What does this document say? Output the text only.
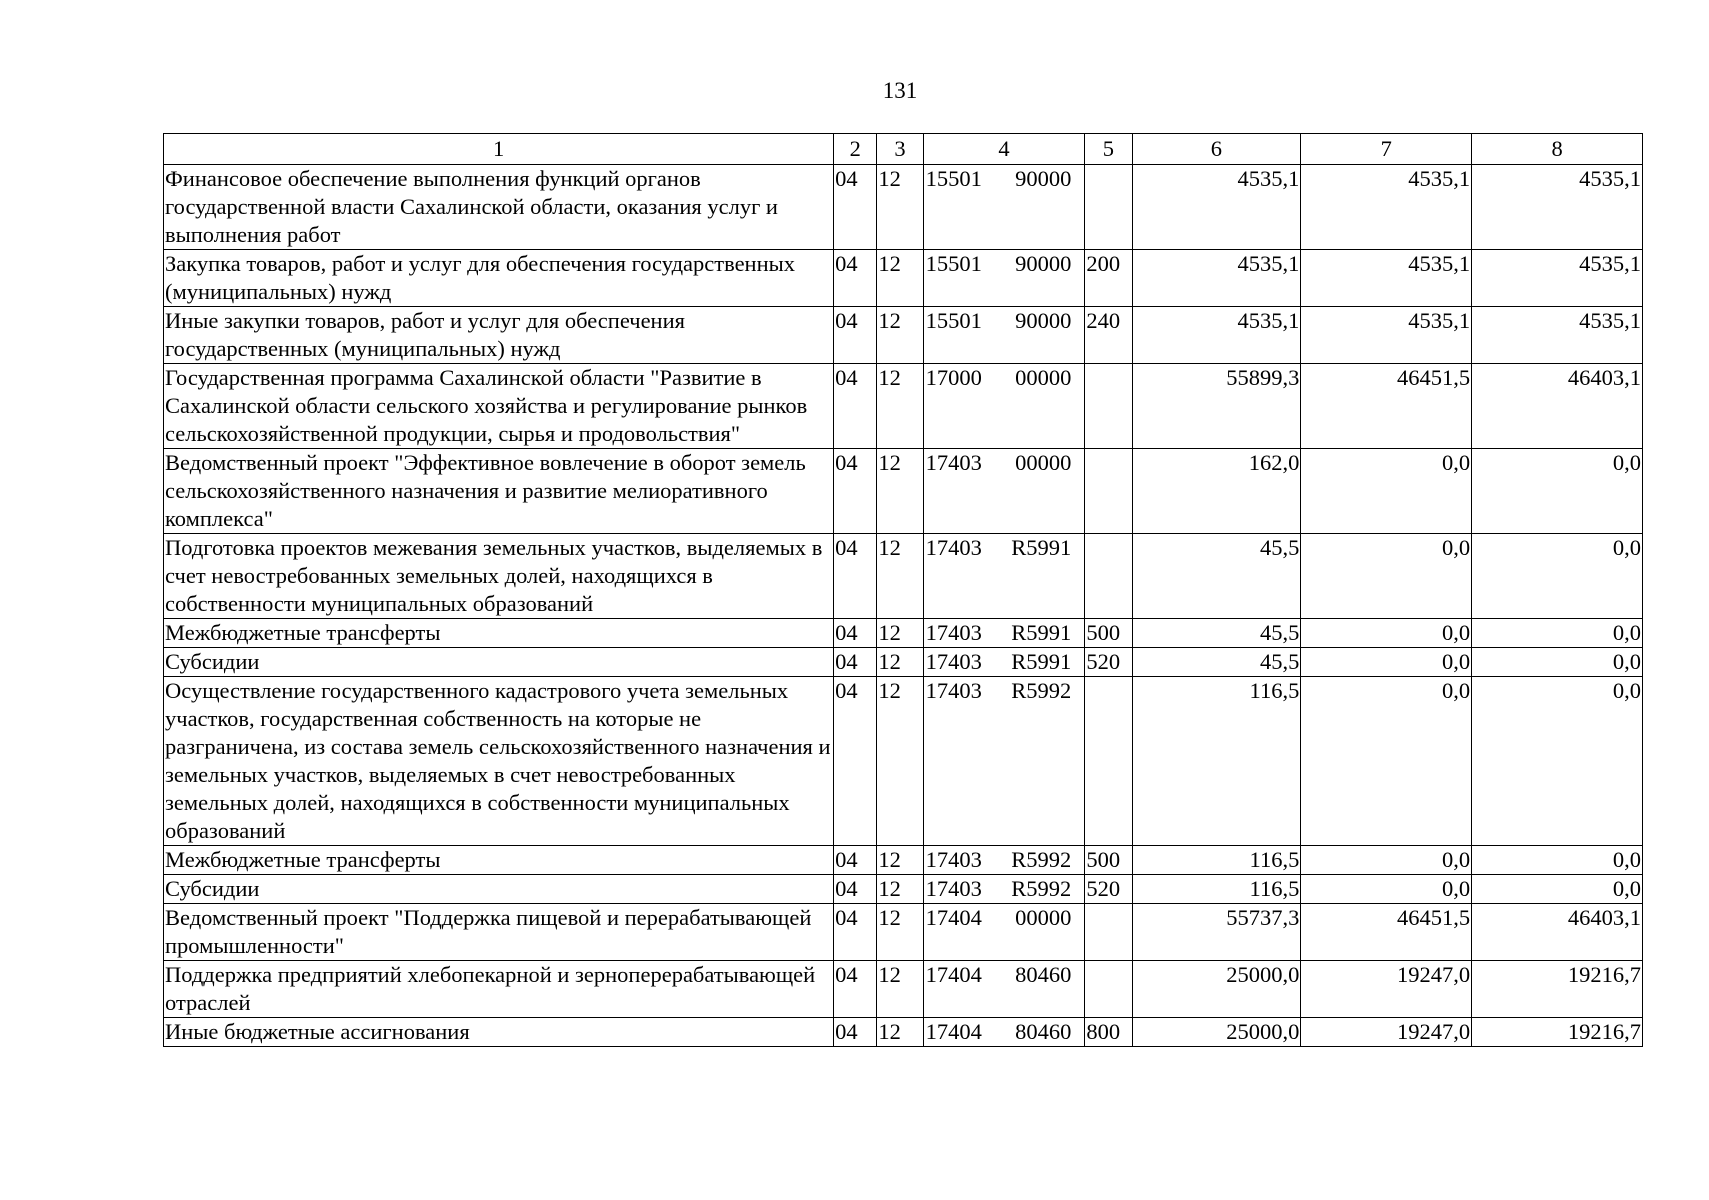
131
1	2	3	4	5	6	7	8
Финансовое обеспечение выполнения функций органов государственной власти Сахалинской области, оказания услуг и выполнения работ	04	12	15501 90000		4535,1	4535,1	4535,1
Закупка товаров, работ и услуг для обеспечения государственных (муниципальных) нужд	04	12	15501 90000	200	4535,1	4535,1	4535,1
Иные закупки товаров, работ и услуг для обеспечения государственных (муниципальных) нужд	04	12	15501 90000	240	4535,1	4535,1	4535,1
Государственная программа Сахалинской области "Развитие в Сахалинской области сельского хозяйства и регулирование рынков сельскохозяйственной продукции, сырья и продовольствия"	04	12	17000 00000		55899,3	46451,5	46403,1
Ведомственный проект "Эффективное вовлечение в оборот земель сельскохозяйственного назначения и развитие мелиоративного комплекса"	04	12	17403 00000		162,0	0,0	0,0
Подготовка проектов межевания земельных участков, выделяемых в счет невостребованных земельных долей, находящихся в собственности муниципальных образований	04	12	17403 R5991		45,5	0,0	0,0
Межбюджетные трансферты	04	12	17403 R5991	500	45,5	0,0	0,0
Субсидии	04	12	17403 R5991	520	45,5	0,0	0,0
Осуществление государственного кадастрового учета земельных участков, государственная собственность на которые не разграничена, из состава земель сельскохозяйственного назначения и земельных участков, выделяемых в счет невостребованных земельных долей, находящихся в собственности муниципальных образований	04	12	17403 R5992		116,5	0,0	0,0
Межбюджетные трансферты	04	12	17403 R5992	500	116,5	0,0	0,0
Субсидии	04	12	17403 R5992	520	116,5	0,0	0,0
Ведомственный проект "Поддержка пищевой и перерабатывающей промышленности"	04	12	17404 00000		55737,3	46451,5	46403,1
Поддержка предприятий хлебопекарной и зерноперерабатывающей отраслей	04	12	17404 80460		25000,0	19247,0	19216,7
Иные бюджетные ассигнования	04	12	17404 80460	800	25000,0	19247,0	19216,7
